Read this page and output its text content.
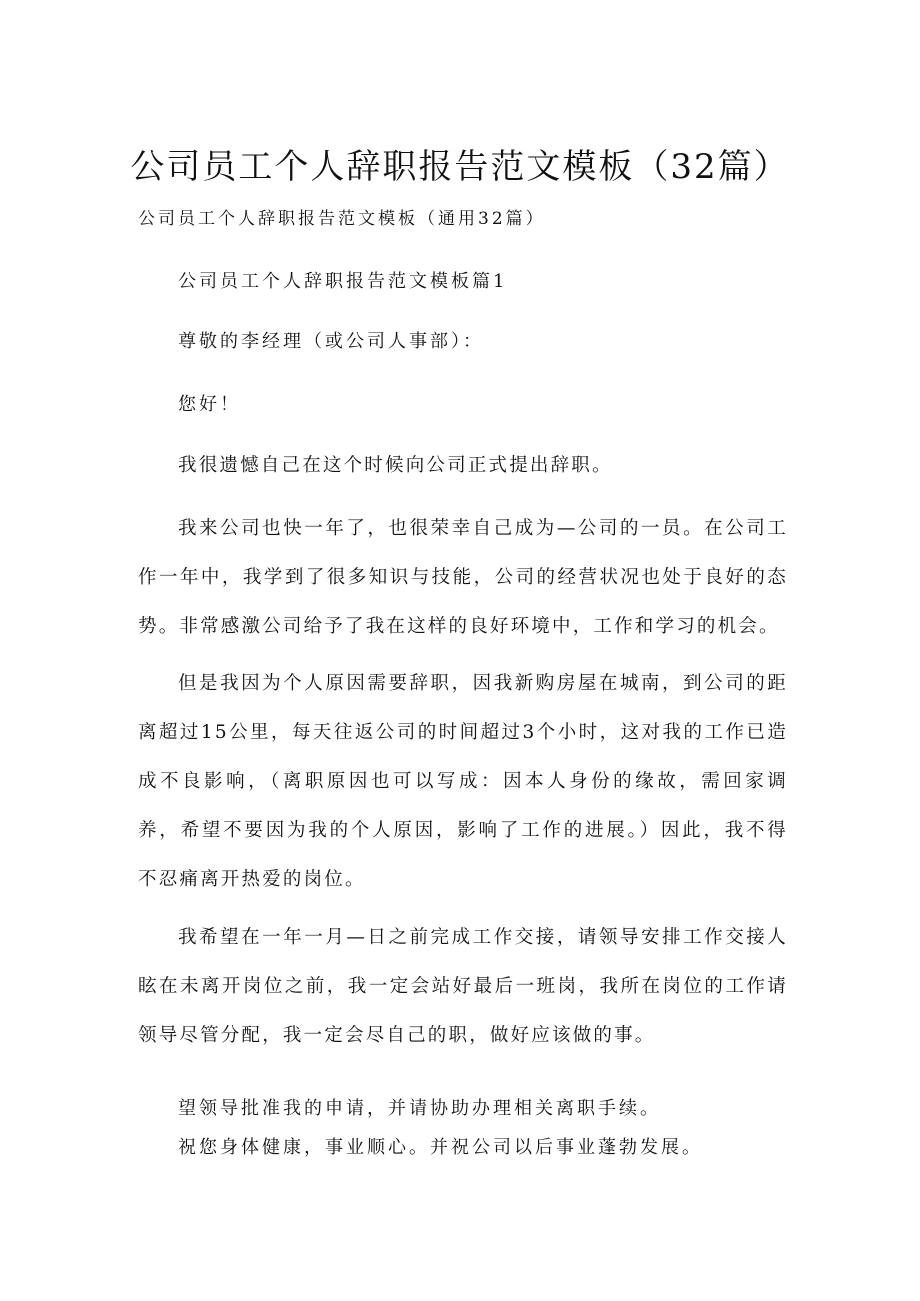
公司员工个人辞职报告范文模板（32篇）
公司员工个人辞职报告范文模板（通用32篇）
公司员工个人辞职报告范文模板篇1
尊敬的李经理（或公司人事部）：
您好！

我很遗憾自己在这个时候向公司正式提出辞职。

我来公司也快一年了，也很荣幸自己成为—公司的一员。在公司工作一年中，我学到了很多知识与技能，公司的经营状况也处于良好的态势。非常感激公司给予了我在这样的良好环境中，工作和学习的机会。

但是我因为个人原因需要辞职，因我新购房屋在城南，到公司的距离超过15公里，每天往返公司的时间超过3个小时，这对我的工作已造成不良影响，（离职原因也可以写成：因本人身份的缘故，需回家调养，希望不要因为我的个人原因，影响了工作的进展。）因此，我不得不忍痛离开热爱的岗位。

我希望在一年一月—日之前完成工作交接，请领导安排工作交接人眩在未离开岗位之前，我一定会站好最后一班岗，我所在岗位的工作请领导尽管分配，我一定会尽自己的职，做好应该做的事。

望领导批准我的申请，并请协助办理相关离职手续。
祝您身体健康，事业顺心。并祝公司以后事业蓬勃发展。
